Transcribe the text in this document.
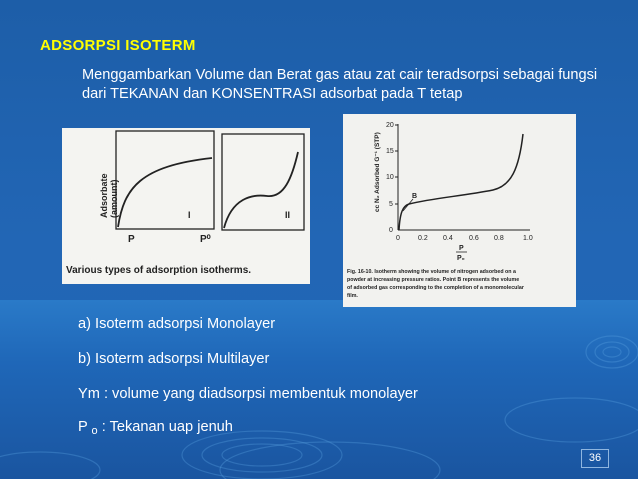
ADSORPSI ISOTERM

Menggambarkan Volume dan Berat gas atau zat cair teradsorpsi sebagai fungsi dari TEKANAN dan KONSENTRASI adsorbat pada T tetap

Adsorbate (amount)	I
P	P⁰
II
Various types of adsorption isotherms.
20
15
10
5
0
0	0.2 0.4 0.6 0.8	1.0
cc N₂ Adsorbed G⁻¹ (STP)	B
P
P₀
Fig. 16-10. Isotherm showing the volume of nitrogen adsorbed on a
powder at increasing pressure ratios. Point B represents the volume
of adsorbed gas corresponding to the completion of a monomolecular
film.
a) Isoterm adsorpsi Monolayer
b) Isoterm adsorpsi Multilayer
Ym : volume yang diadsorpsi membentuk monolayer
P $_o$ : Tekanan uap jenuh
36
